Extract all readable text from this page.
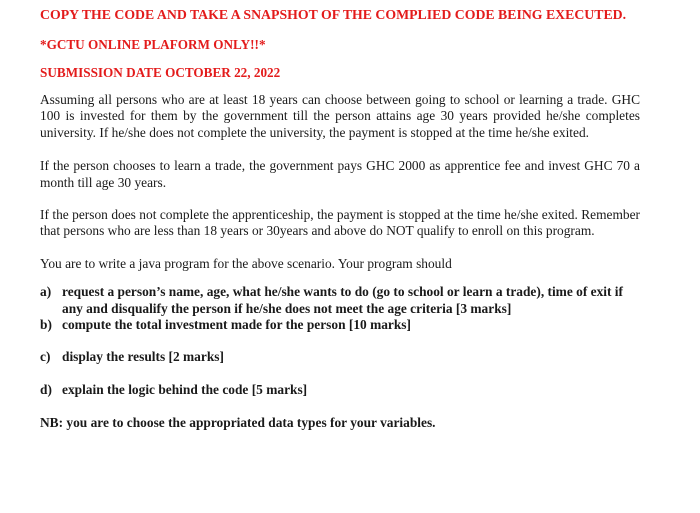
COPY THE CODE AND TAKE A SNAPSHOT OF THE COMPLIED CODE BEING EXECUTED.

*GCTU ONLINE PLAFORM ONLY!!*

SUBMISSION DATE OCTOBER 22, 2022

Assuming all persons who are at least 18 years can choose between going to school or learning a trade. GHC 100 is invested for them by the government till the person attains age 30 years provided he/she completes university. If he/she does not complete the university, the payment is stopped at the time he/she exited.

If the person chooses to learn a trade, the government pays GHC 2000 as apprentice fee and invest GHC 70 a month till age 30 years.

If the person does not complete the apprenticeship, the payment is stopped at the time he/she exited. Remember that persons who are less than 18 years or 30years and above do NOT qualify to enroll on this program.

You are to write a java program for the above scenario. Your program should

a) request a person’s name, age, what he/she wants to do (go to school or learn a trade), time of exit if any and disqualify the person if he/she does not meet the age criteria [3 marks]
b) compute the total investment made for the person [10 marks]
c) display the results [2 marks]
d) explain the logic behind the code [5 marks]

NB: you are to choose the appropriated data types for your variables.
